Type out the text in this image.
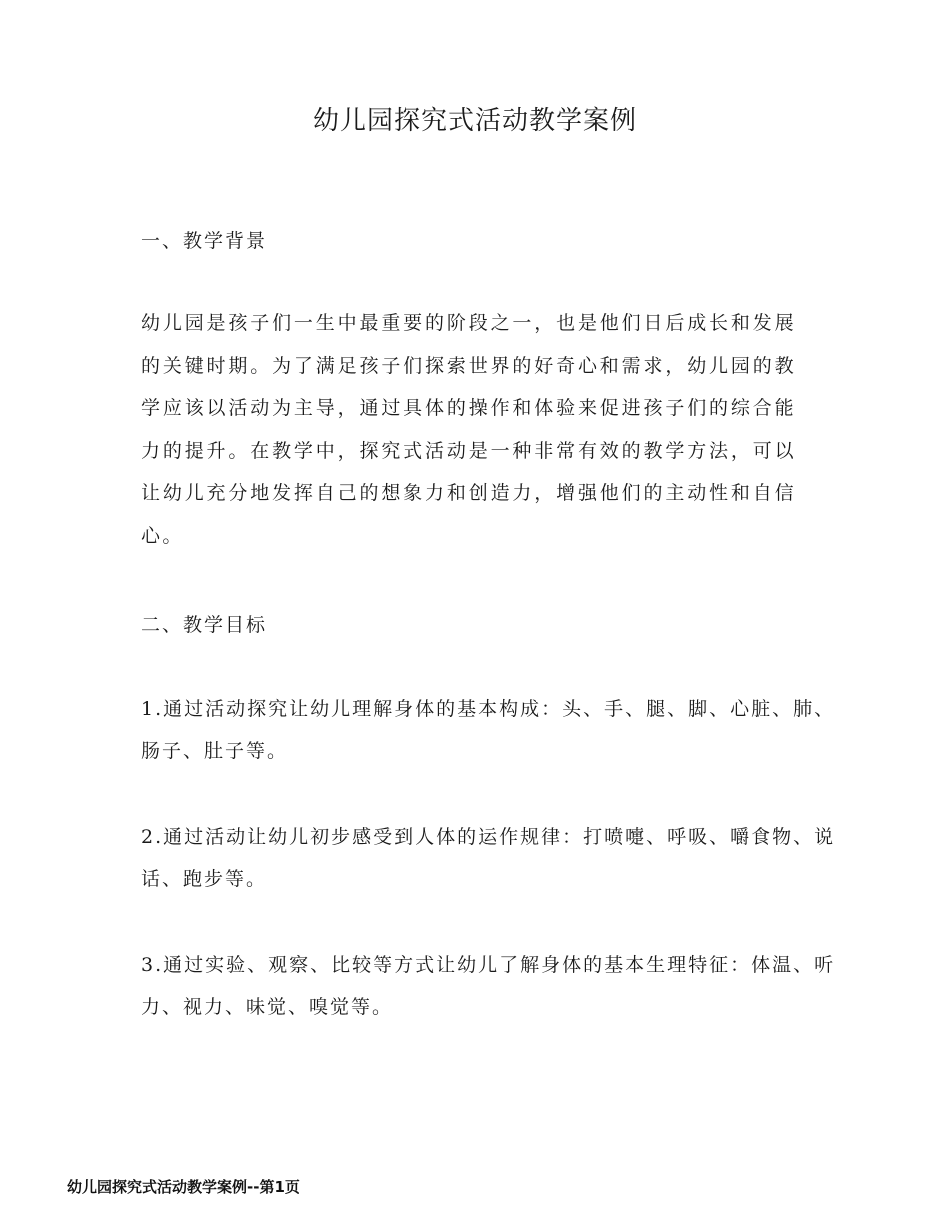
幼儿园探究式活动教学案例
一、教学背景

幼儿园是孩子们一生中最重要的阶段之一，也是他们日后成长和发展的关键时期。为了满足孩子们探索世界的好奇心和需求，幼儿园的教学应该以活动为主导，通过具体的操作和体验来促进孩子们的综合能力的提升。在教学中，探究式活动是一种非常有效的教学方法，可以让幼儿充分地发挥自己的想象力和创造力，增强他们的主动性和自信心。

二、教学目标

1.通过活动探究让幼儿理解身体的基本构成：头、手、腿、脚、心脏、肺、肠子、肚子等。

2.通过活动让幼儿初步感受到人体的运作规律：打喷嚏、呼吸、嚼食物、说话、跑步等。

3.通过实验、观察、比较等方式让幼儿了解身体的基本生理特征：体温、听力、视力、味觉、嗅觉等。

幼儿园探究式活动教学案例--第1页
